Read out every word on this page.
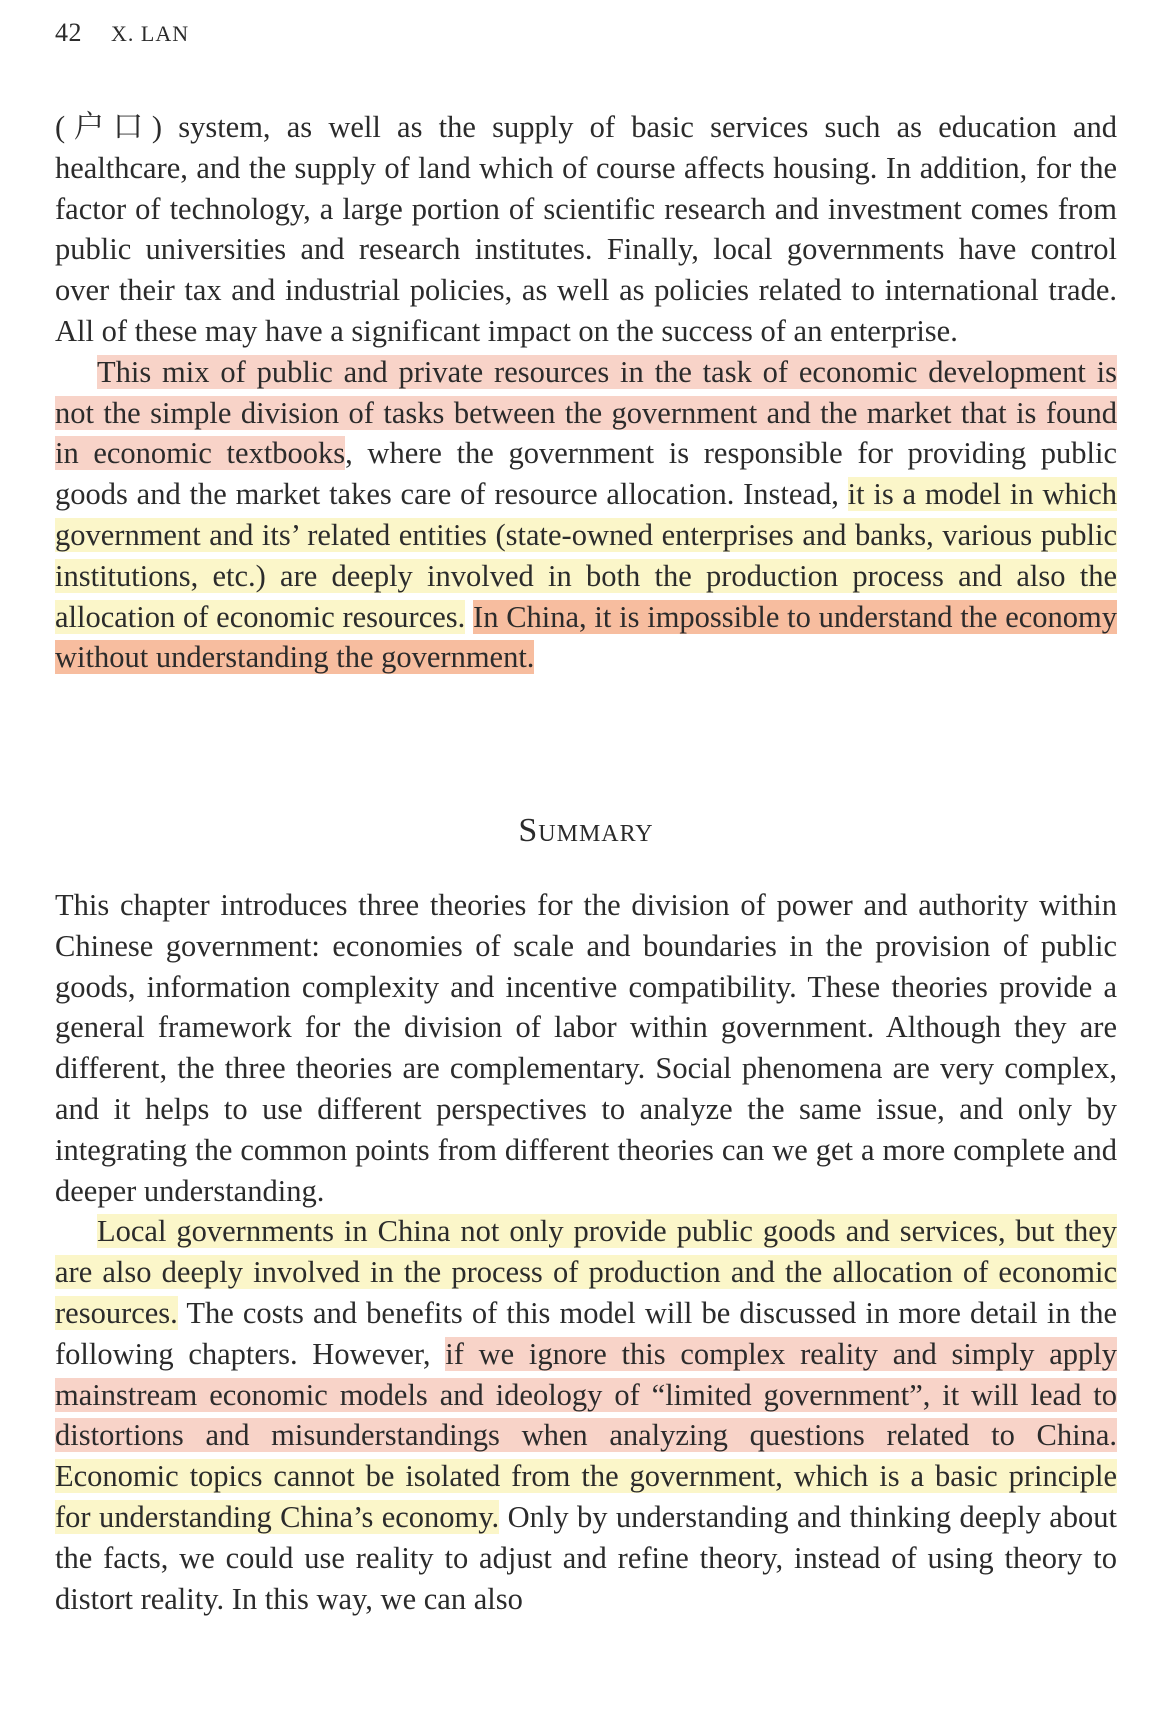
42 X. LAN

(户口) system, as well as the supply of basic services such as education and healthcare, and the supply of land which of course affects housing. In addition, for the factor of technology, a large portion of scientific research and investment comes from public universities and research institutes. Finally, local governments have control over their tax and industrial policies, as well as policies related to international trade. All of these may have a significant impact on the success of an enterprise.

This mix of public and private resources in the task of economic development is not the simple division of tasks between the government and the market that is found in economic textbooks, where the government is responsible for providing public goods and the market takes care of resource allocation. Instead, it is a model in which government and its’ related entities (state-owned enterprises and banks, various public institutions, etc.) are deeply involved in both the production process and also the allocation of economic resources. In China, it is impossible to understand the economy without understanding the government.

Summary

This chapter introduces three theories for the division of power and authority within Chinese government: economies of scale and boundaries in the provision of public goods, information complexity and incentive compatibility. These theories provide a general framework for the division of labor within government. Although they are different, the three theories are complementary. Social phenomena are very complex, and it helps to use different perspectives to analyze the same issue, and only by integrating the common points from different theories can we get a more complete and deeper understanding.

Local governments in China not only provide public goods and services, but they are also deeply involved in the process of production and the allocation of economic resources. The costs and benefits of this model will be discussed in more detail in the following chapters. However, if we ignore this complex reality and simply apply mainstream economic models and ideology of “limited government”, it will lead to distortions and misunderstandings when analyzing questions related to China. Economic topics cannot be isolated from the government, which is a basic principle for understanding China’s economy. Only by understanding and thinking deeply about the facts, we could use reality to adjust and refine theory, instead of using theory to distort reality. In this way, we can also
